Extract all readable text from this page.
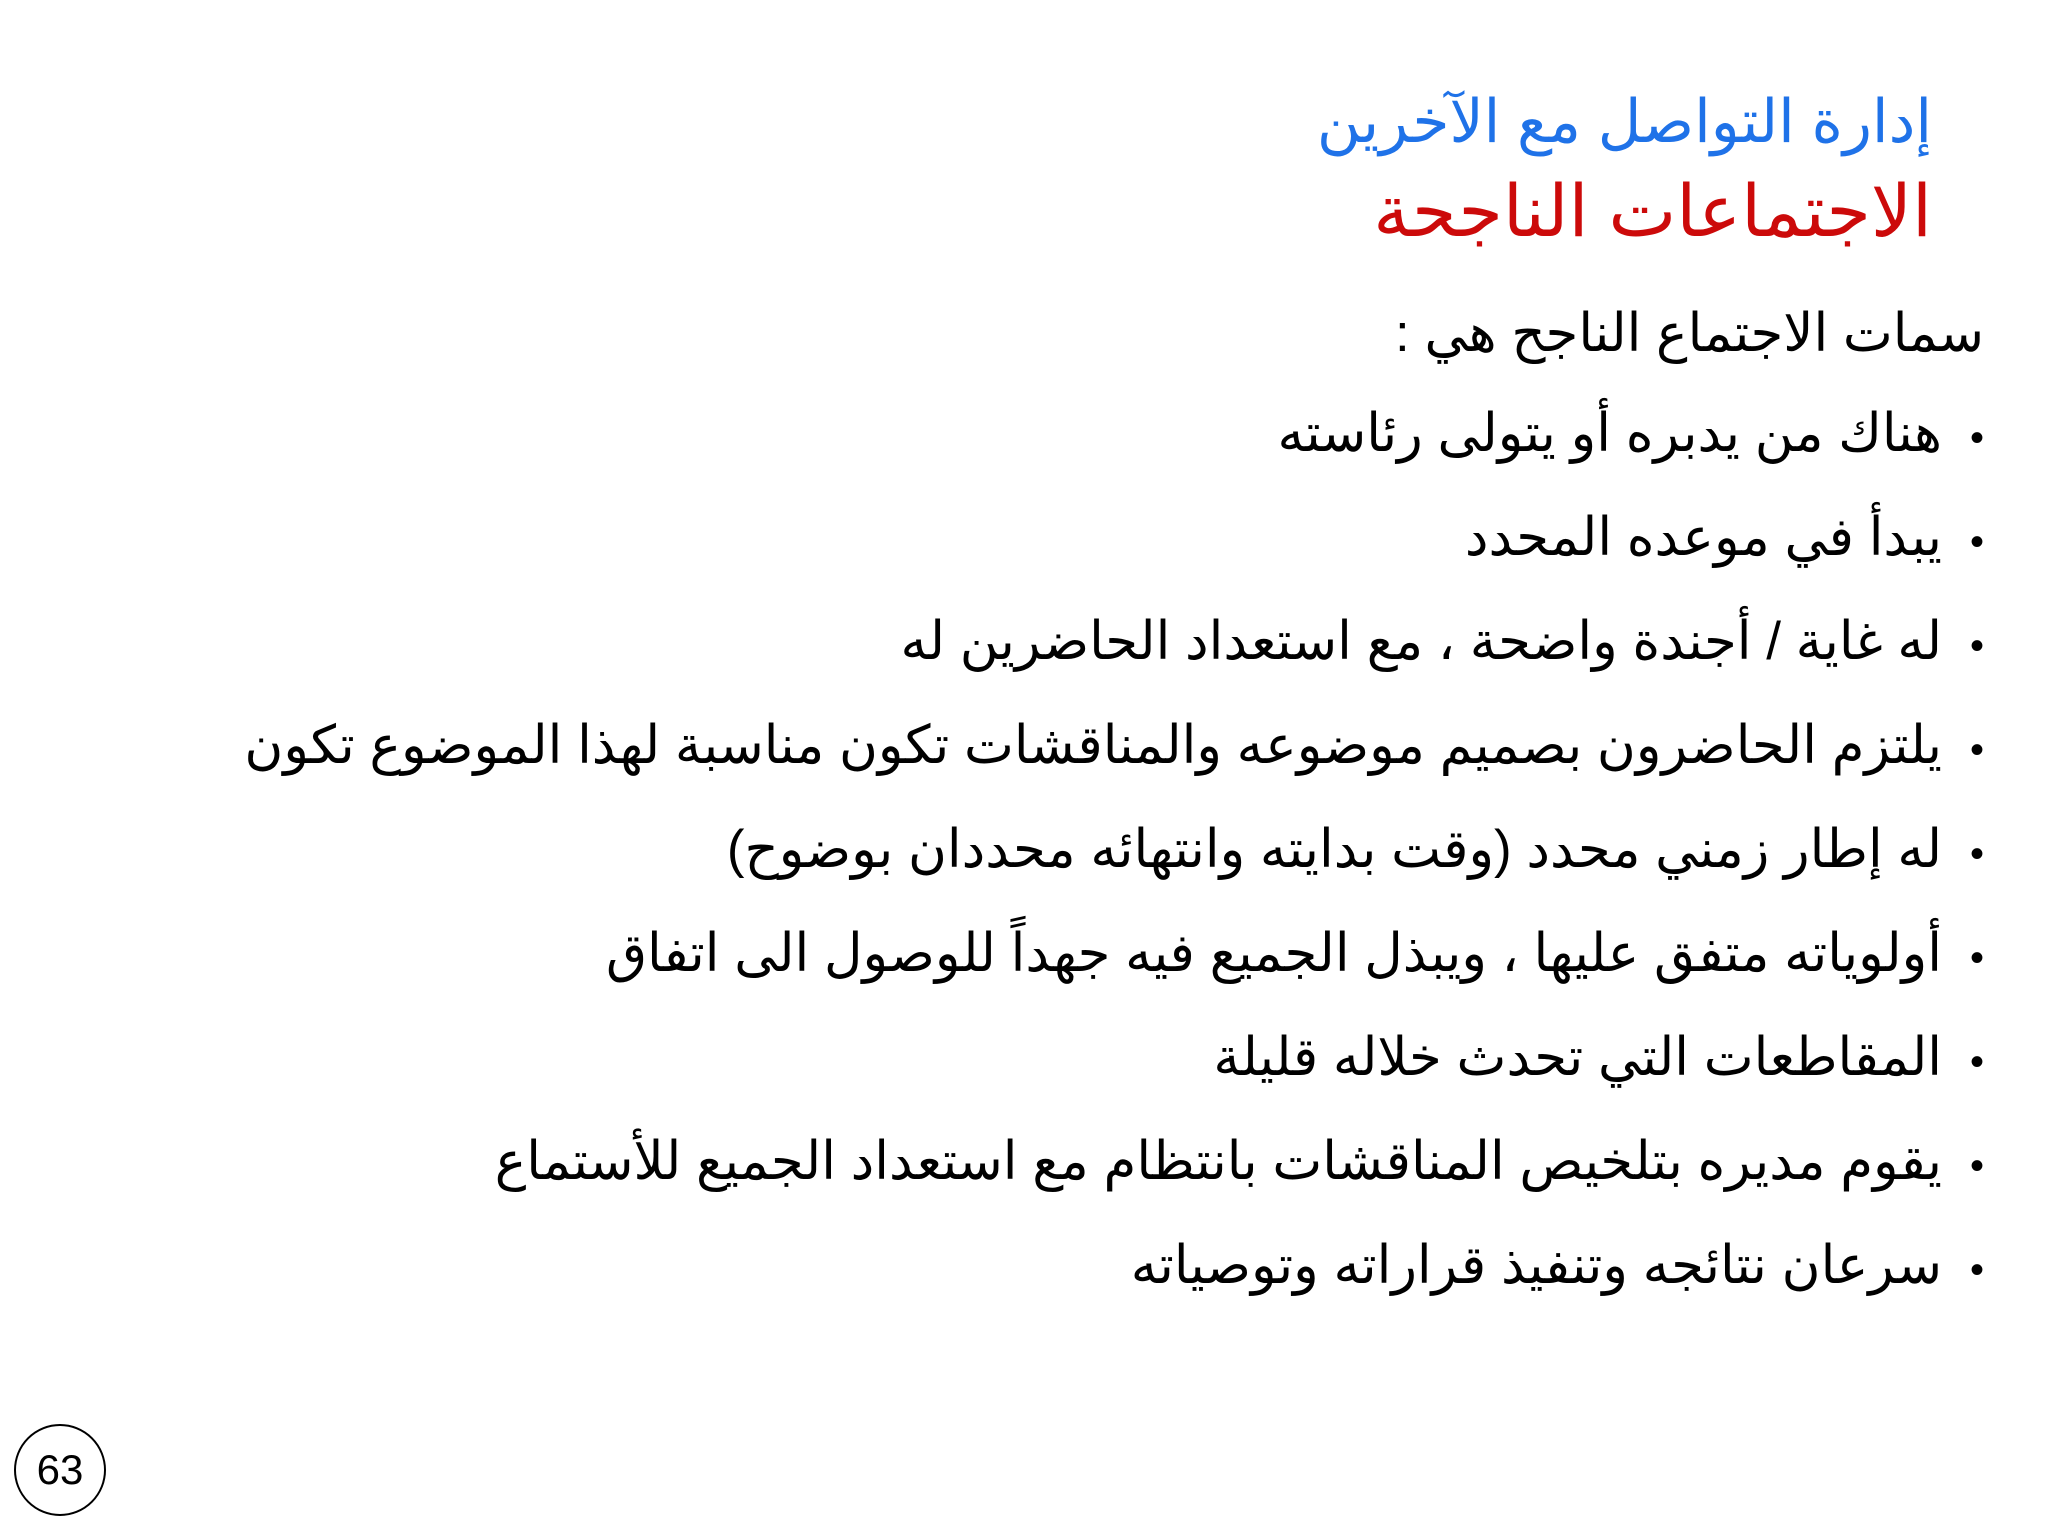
إدارة التواصل مع الآخرين
الاجتماعات الناجحة
سمات الاجتماع الناجح هي :
•
هناك من يدبره أو يتولى رئاسته
•
يبدأ في موعده المحدد
•
له غاية / أجندة واضحة ، مع استعداد الحاضرين له
•
يلتزم الحاضرون بصميم موضوعه والمناقشات تكون مناسبة لهذا الموضوع تكون
•
له إطار زمني محدد (وقت بدايته وانتهائه محددان بوضوح)
•
أولوياته متفق عليها ، ويبذل الجميع فيه جهداً للوصول الى اتفاق
•
المقاطعات التي تحدث خلاله قليلة
•
يقوم مديره بتلخيص المناقشات بانتظام مع استعداد الجميع للأستماع
•
سرعان نتائجه وتنفيذ قراراته وتوصياته
63
